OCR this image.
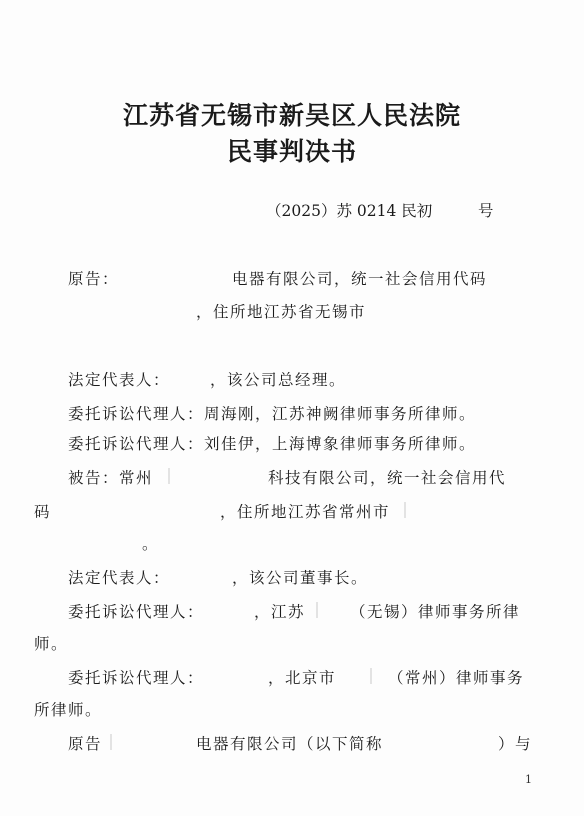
江苏省无锡市新吴区人民法院
民事判决书
（2025）苏 0214 民初	号
原告：	电器有限公司，统一社会信用代码
，住所地江苏省无锡市
法定代表人：	，该公司总经理。
委托诉讼代理人：周海刚，江苏神阙律师事务所律师。
委托诉讼代理人：刘佳伊，上海博象律师事务所律师。
被告：常州	科技有限公司，统一社会信用代
码	，住所地江苏省常州市
。
法定代表人：	，该公司董事长。
委托诉讼代理人：	，江苏	（无锡）律师事务所律
师。
委托诉讼代理人：	，北京市	（常州）律师事务
所律师。
原告	电器有限公司（以下简称	）与
1
